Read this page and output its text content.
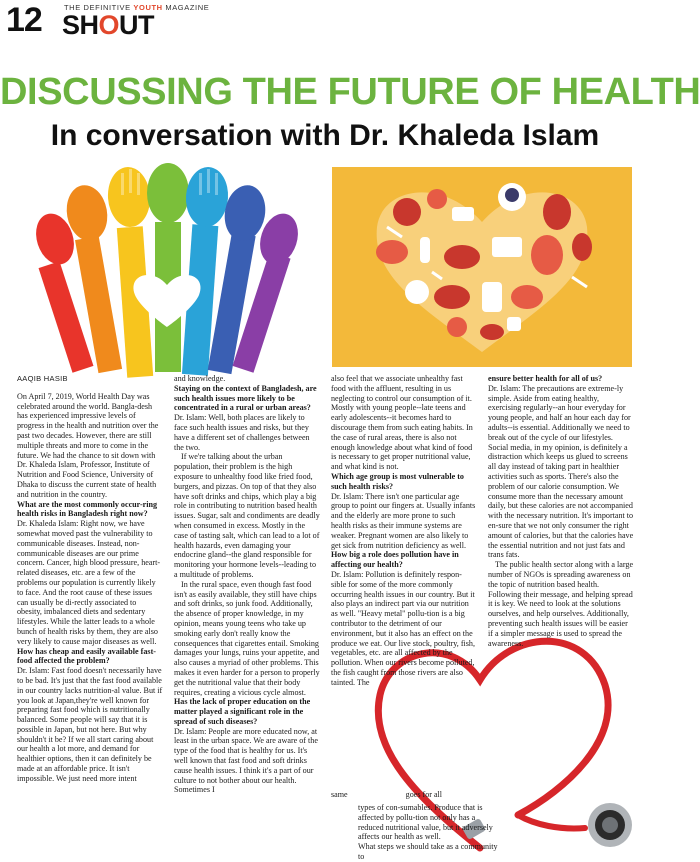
12	THE DEFINITIVE YOUTH MAGAZINE
SHOUT
DISCUSSING THE FUTURE OF HEALTH
In conversation with Dr. Khaleda Islam
AAQIB HASIB

On April 7, 2019, World Health Day was celebrated around the world. Bangla-desh has experienced impressive levels of progress in the health and nutrition over the past two decades. However, there are still multiple threats and more to come in the future. We had the chance to sit down with Dr. Khaleda Islam, Professor, Institute of Nutrition and Food Science, University of Dhaka to discuss the current state of health and nutrition in the country.

What are the most commonly occur-ring health risks in Bangladesh right now?

Dr. Khaleda Islam: Right now, we have somewhat moved past the vulnerability to communicable diseases. Instead, non-communicable diseases are our prime concern. Cancer, high blood pressure, heart-related diseases, etc. are a few of the problems our population is currently likely to face. And the root cause of these issues can usually be di-rectly associated to obesity, imbalanced diets and sedentary lifestyles. While the latter leads to a whole bunch of health risks by them, they are also very likely to cause major diseases as well.

How has cheap and easily available fast-food affected the problem?

Dr. Islam: Fast food doesn't necessarily have to be bad. It's just that the fast food available in our country lacks nutrition-al value. But if you look at Japan,they're well known for preparing fast food which is nutritionally balanced. Some people will say that it is possible in Japan, but not here. But why shouldn't it be? If we all start caring about our health a lot more, and demand for healthier options, then it can definitely be made at an affordable price. It isn't impossible. We just need more intent

and knowledge.

Staying on the context of Bangladesh, are such health issues more likely to be concentrated in a rural or urban areas?

Dr. Islam: Well, both places are likely to face such health issues and risks, but they have a different set of challenges between the two.

If we're talking about the urban population, their problem is the high exposure to unhealthy food like fried food, burgers, and pizzas. On top of that they also have soft drinks and chips, which play a big role in contributing to nutrition based health issues. Sugar, salt and condiments are deadly when consumed in excess. Mostly in the case of tasting salt, which can lead to a lot of health hazards, even damaging your endocrine gland--the gland responsible for monitoring your hormone levels--leading to a multitude of problems.

In the rural space, even though fast food isn't as easily available, they still have chips and soft drinks, so junk food. Additionally, the absence of proper knowledge, in my opinion, means young teens who take up smoking early don't really know the consequences that cigarettes entail. Smoking damages your lungs, ruins your appetite, and also causes a myriad of other problems. This makes it even harder for a person to properly get the nutritional value that their body requires, creating a vicious cycle almost.

Has the lack of proper education on the matter played a significant role in the spread of such diseases?

Dr. Islam: People are more educated now, at least in the urban space. We are aware of the type of the food that is healthy for us. It's well known that fast food and soft drinks cause health issues. I think it's a part of our culture to not bother about our health. Sometimes I

also feel that we associate unhealthy fast food with the affluent, resulting in us neglecting to control our consumption of it. Mostly with young people--late teens and early adolescents--it becomes hard to discourage them from such eating habits. In the case of rural areas, there is also not enough knowledge about what kind of food is necessary to get proper nutritional value, and what kind is not.

Which age group is most vulnerable to such health risks?

Dr. Islam: There isn't one particular age group to point our fingers at. Usually infants and the elderly are more prone to such health risks as their immune systems are weaker. Pregnant women are also likely to get sick from nutrition deficiency as well.

How big a role does pollution have in affecting our health?

Dr. Islam: Pollution is definitely respon-sible for some of the more commonly occurring health issues in our country. But it also plays an indirect part via our nutrition as well. "Heavy metal" pollu-tion is a big contributor to the detriment of our environment, but it also has an effect on the produce we eat. Our live stock, poultry, fish, vegetables, etc. are all affected by the pollution. When our rivers become polluted, the fish caught from those rivers are also tainted. The

same	goes for all

types of con-sumables. Produce that is affected by pollu-tion not only has a reduced nutritional value, but it adversely affects our health as well.

What steps we should take as a community to

ensure better health for all of us?

Dr. Islam: The precautions are extreme-ly simple. Aside from eating healthy, exercising regularly--an hour everyday for young people, and half an hour each day for adults--is essential. Additionally we need to break out of the cycle of our lifestyles. Social media, in my opinion, is definitely a distraction which keeps us glued to screens all day instead of taking part in healthier activities such as sports. There's also the problem of our calorie consumption. We consume more than the necessary amount daily, but these calories are not accompanied with the necessary nutrition. It's important to en-sure that we not only consumer the right amount of calories, but that the calories have the essential nutrition and not just fats and trans fats.

The public health sector along with a large number of NGOs is spreading awareness on the topic of nutrition based health. Following their message, and helping spread it is key. We need to look at the solutions ourselves, and help ourselves. Additionally, preventing such health issues will be easier if a simpler message is used to spread the awareness.
